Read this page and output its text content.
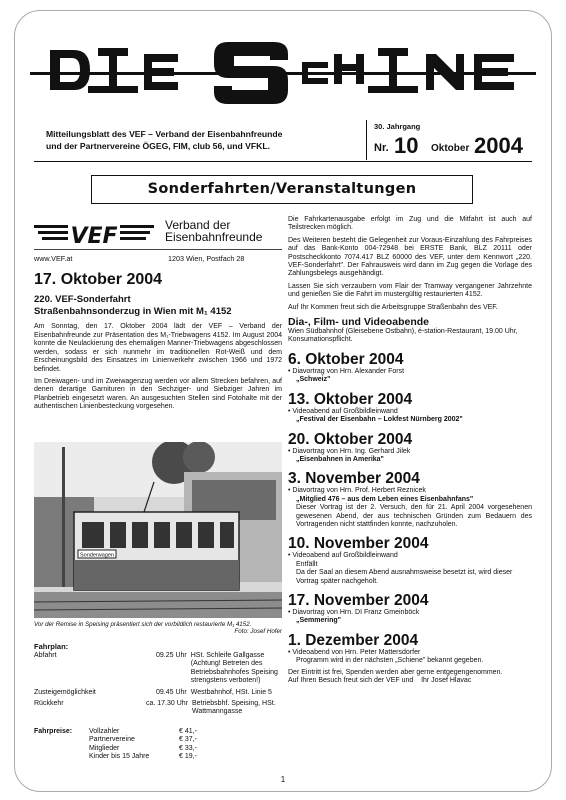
Mitteilungsblatt des VEF – Verband der Eisenbahnfreunde
und der Partnervereine ÖGEG, FIM, club 56, und VFKL.
30. Jahrgang
Nr. 10 Oktober 2004
Sonderfahrten/Veranstaltungen
VEF	Verband der
Eisenbahnfreunde
www.VEF.at	1203 Wien, Postfach 28
17. Oktober 2004
220. VEF-Sonderfahrt
Straßenbahnsonderzug in Wien mit M₁ 4152
Am Sonntag, den 17. Oktober 2004 lädt der VEF – Verband der Eisenbahnfreunde zur Präsentation des M₁-Triebwagens 4152. Im August 2004 konnte die Neulackierung des ehemaligen Manner-Triebwagens abgeschlossen werden, sodass er sich nunmehr im traditionellen Rot-Weiß und dem Erscheinungsbild des Einsatzes im Linienverkehr zwischen 1966 und 1972 befindet.
Im Dreiwagen- und im Zweiwagenzug werden vor allem Strecken befahren, auf denen derartige Garnituren in den Sechziger- und Siebziger Jahren im Planbetrieb eingesetzt waren. An ausgesuchten Stellen sind Fotohalte mit der authentischen Linienbesteckung vorgesehen.
Sonderwagen
Vor der Remise in Speising präsentiert sich der vorbildlich restaurierte M₁ 4152.
Foto: Josef Hofer
Fahrplan:
Abfahrt	09.25 Uhr HSt. Schleife Gallgasse (Achtung! Betreten des Betriebsbahnhofes Speising strengstens verboten!)
Zusteigemöglichkeit	09.45 Uhr Westbahnhof, HSt. Linie 5
Rückkehr	ca. 17.30 Uhr Betriebsbhf. Speising, HSt. Wattmanngasse
Fahrpreise: Vollzahler	€ 41,-
Partnervereine	€ 37,-
Mitglieder	€ 33,-
Kinder bis 15 Jahre	€ 19,-

Die Fahrkartenausgabe erfolgt im Zug und die Mitfahrt ist auch auf Teilstrecken möglich.

Des Weiteren besteht die Gelegenheit zur Voraus-Einzahlung des Fahrpreises auf das Bank-Konto 004-72948 bei ERSTE Bank, BLZ 20111 oder Postscheckkonto 7074.417 BLZ 60000 des VEF, unter dem Kennwort „220. VEF-Sonderfahrt". Der Fahrausweis wird dann im Zug gegen die Vorlage des Zahlungsbelegs ausgehändigt.

Lassen Sie sich verzaubern vom Flair der Tramway vergangener Jahrzehnte und genießen Sie die Fahrt im mustergültig restaurierten 4152.

Auf Ihr Kommen freut sich die Arbeitsgruppe Straßenbahn des VEF.

Dia-, Film- und Videoabende
Wien Südbahnhof (Gleisebene Ostbahn), é-station-Restaurant, 19.00 Uhr, Konsumationspflicht.
6. Oktober 2004
• Diavortrag von Hrn. Alexander Forst
„Schweiz"
13. Oktober 2004
• Videoabend auf Großbildleinwand
„Festival der Eisenbahn – Lokfest Nürnberg 2002"
20. Oktober 2004
• Diavortrag von Hrn. Ing. Gerhard Jilek
„Eisenbahnen in Amerika"
3. November 2004
• Diavortrag von Hrn. Prof. Herbert Reznicek
„Mitglied 476 – aus dem Leben eines Eisenbahnfans"
Dieser Vortrag ist der 2. Versuch, den für 21. April 2004 vorgesehenen gewesenen Abend, der aus technischen Gründen zum Bedauern des Vortragenden nicht stattfinden konnte, nachzuholen.
10. November 2004
• Videoabend auf Großbildleinwand
Entfällt
Da der Saal an diesem Abend ausnahmsweise besetzt ist, wird dieser Vortrag später nachgeholt.
17. November 2004
• Diavortrag von Hrn. DI Franz Gmeinböck
„Semmering"
1. Dezember 2004
• Videoabend von Hrn. Peter Mattersdorfer
Programm wird in der nächsten „Schiene" bekannt gegeben.
Der Eintritt ist frei, Spenden werden aber gerne entgegengenommen.
Auf Ihren Besuch freut sich der VEF und    Ihr Josef Hlavac
1
